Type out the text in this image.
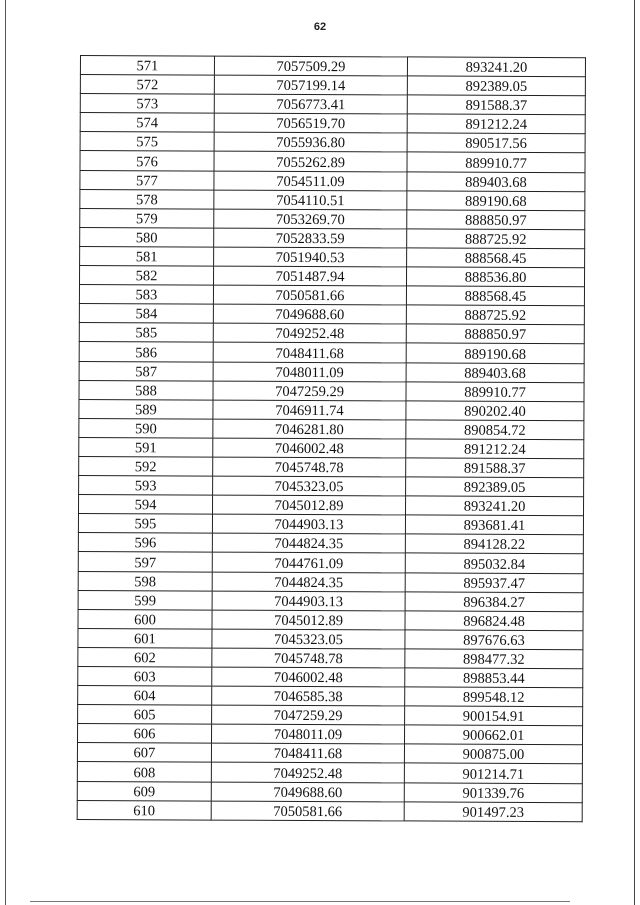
62
571	7057509.29	893241.20
572	7057199.14	892389.05
573	7056773.41	891588.37
574	7056519.70	891212.24
575	7055936.80	890517.56
576	7055262.89	889910.77
577	7054511.09	889403.68
578	7054110.51	889190.68
579	7053269.70	888850.97
580	7052833.59	888725.92
581	7051940.53	888568.45
582	7051487.94	888536.80
583	7050581.66	888568.45
584	7049688.60	888725.92
585	7049252.48	888850.97
586	7048411.68	889190.68
587	7048011.09	889403.68
588	7047259.29	889910.77
589	7046911.74	890202.40
590	7046281.80	890854.72
591	7046002.48	891212.24
592	7045748.78	891588.37
593	7045323.05	892389.05
594	7045012.89	893241.20
595	7044903.13	893681.41
596	7044824.35	894128.22
597	7044761.09	895032.84
598	7044824.35	895937.47
599	7044903.13	896384.27
600	7045012.89	896824.48
601	7045323.05	897676.63
602	7045748.78	898477.32
603	7046002.48	898853.44
604	7046585.38	899548.12
605	7047259.29	900154.91
606	7048011.09	900662.01
607	7048411.68	900875.00
608	7049252.48	901214.71
609	7049688.60	901339.76
610	7050581.66	901497.23
